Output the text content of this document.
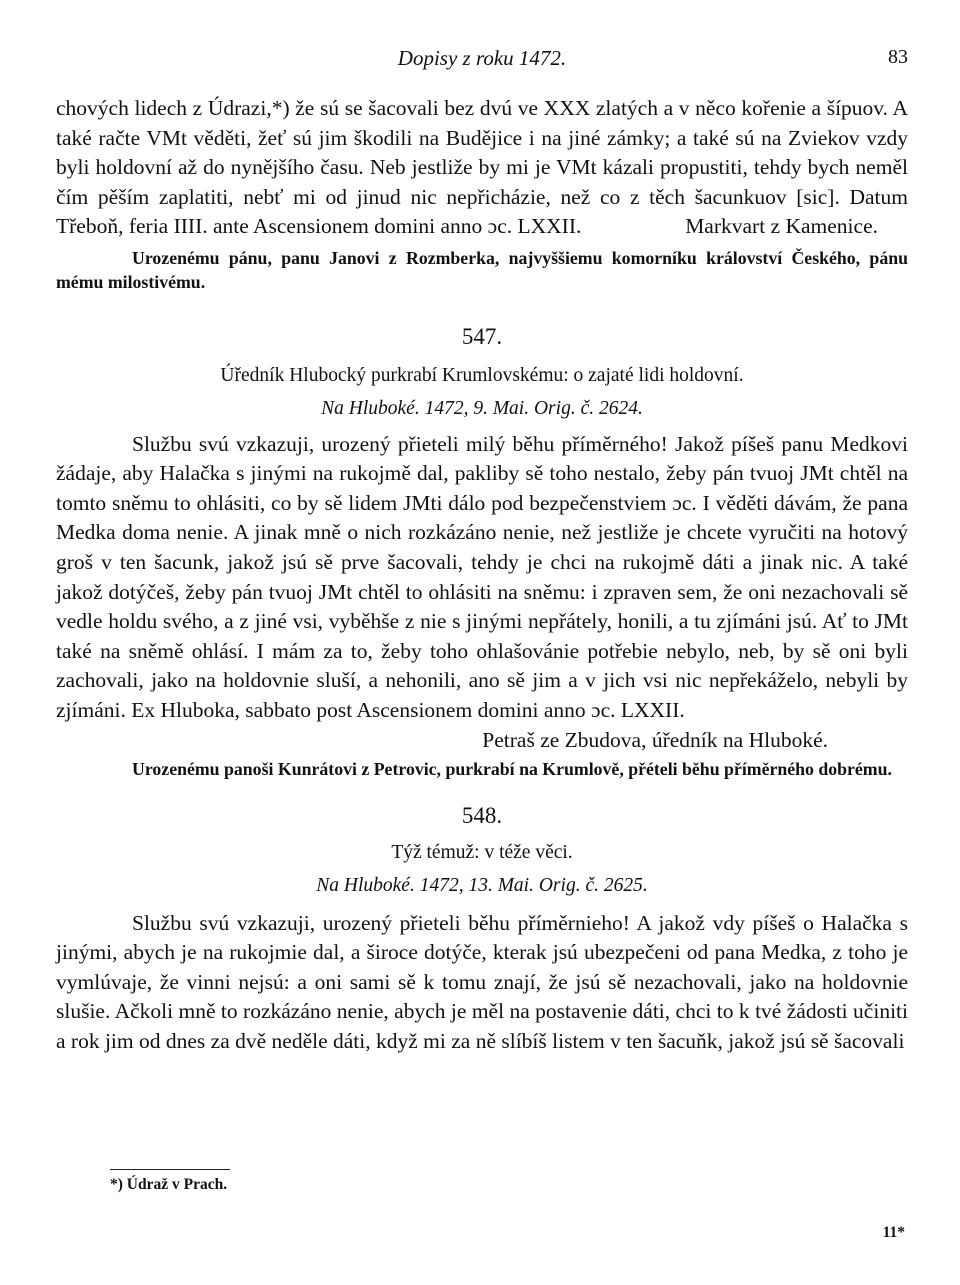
Dopisy z roku 1472.	83

chových lidech z Údrazi,*) že sú se šacovali bez dvú ve XXX zlatých a v něco kořenie a šípuov. A také račte VMt věděti, žeť sú jim škodili na Budějice i na jiné zámky; a také sú na Zviekov vzdy byli holdovní až do nynějšího času. Neb jestliže by mi je VMt kázali propustiti, tehdy bych neměl čím pěším zaplatiti, nebť mi od jinud nic nepřicházie, než co z těch šacunkuov [sic]. Datum Třeboň, feria IIII. ante Ascensionem domini anno ɔc. LXXII.	Markvart z Kamenice.

Urozenému pánu, panu Janovi z Rozmberka, najvyššiemu komorníku království Českého, pánu mému milostivému.

547.

Úředník Hlubocký purkrabí Krumlovskému: o zajaté lidi holdovní.

Na Hluboké. 1472, 9. Mai. Orig. č. 2624.

Službu svú vzkazuji, urozený přieteli milý běhu příměrného! Jakož píšeš panu Medkovi žádaje, aby Halačka s jinými na rukojmě dal, pakliby sě toho nestalo, žeby pán tvuoj JMt chtěl na tomto sněmu to ohlásiti, co by sě lidem JMti dálo pod bezpečenstviem ɔc. I věděti dávám, že pana Medka doma nenie. A jinak mně o nich rozkázáno nenie, než jestliže je chcete vyručiti na hotový groš v ten šacunk, jakož jsú sě prve šacovali, tehdy je chci na rukojmě dáti a jinak nic. A také jakož dotýčeš, žeby pán tvuoj JMt chtěl to ohlásiti na sněmu: i zpraven sem, že oni nezachovali sě vedle holdu svého, a z jiné vsi, vyběhše z nie s jinými nepřátely, honili, a tu zjímáni jsú. Ať to JMt také na sněmě ohlásí. I mám za to, žeby toho ohlašovánie potřebie nebylo, neb, by sě oni byli zachovali, jako na holdovnie sluší, a nehonili, ano sě jim a v jich vsi nic nepřekáželo, nebyli by zjímáni. Ex Hluboka, sabbato post Ascensionem domini anno ɔc. LXXII.

Petraš ze Zbudova, úředník na Hluboké.

Urozenému panoši Kunrátovi z Petrovic, purkrabí na Krumlově, přételi běhu příměrného dobrému.

548.

Týž témuž: v téže věci.

Na Hluboké. 1472, 13. Mai. Orig. č. 2625.

Službu svú vzkazuji, urozený přieteli běhu příměrnieho! A jakož vdy píšeš o Halačka s jinými, abych je na rukojmie dal, a široce dotýče, kterak jsú ubezpečeni od pana Medka, z toho je vymlúvaje, že vinni nejsú: a oni sami sě k tomu znají, že jsú sě nezachovali, jako na holdovnie slušie. Ačkoli mně to rozkázáno nenie, abych je měl na postavenie dáti, chci to k tvé žádosti učiniti a rok jim od dnes za dvě neděle dáti, když mi za ně slíbíš listem v ten šacuňk, jakož jsú sě šacovali

*) Údraž v Prach.
11*
